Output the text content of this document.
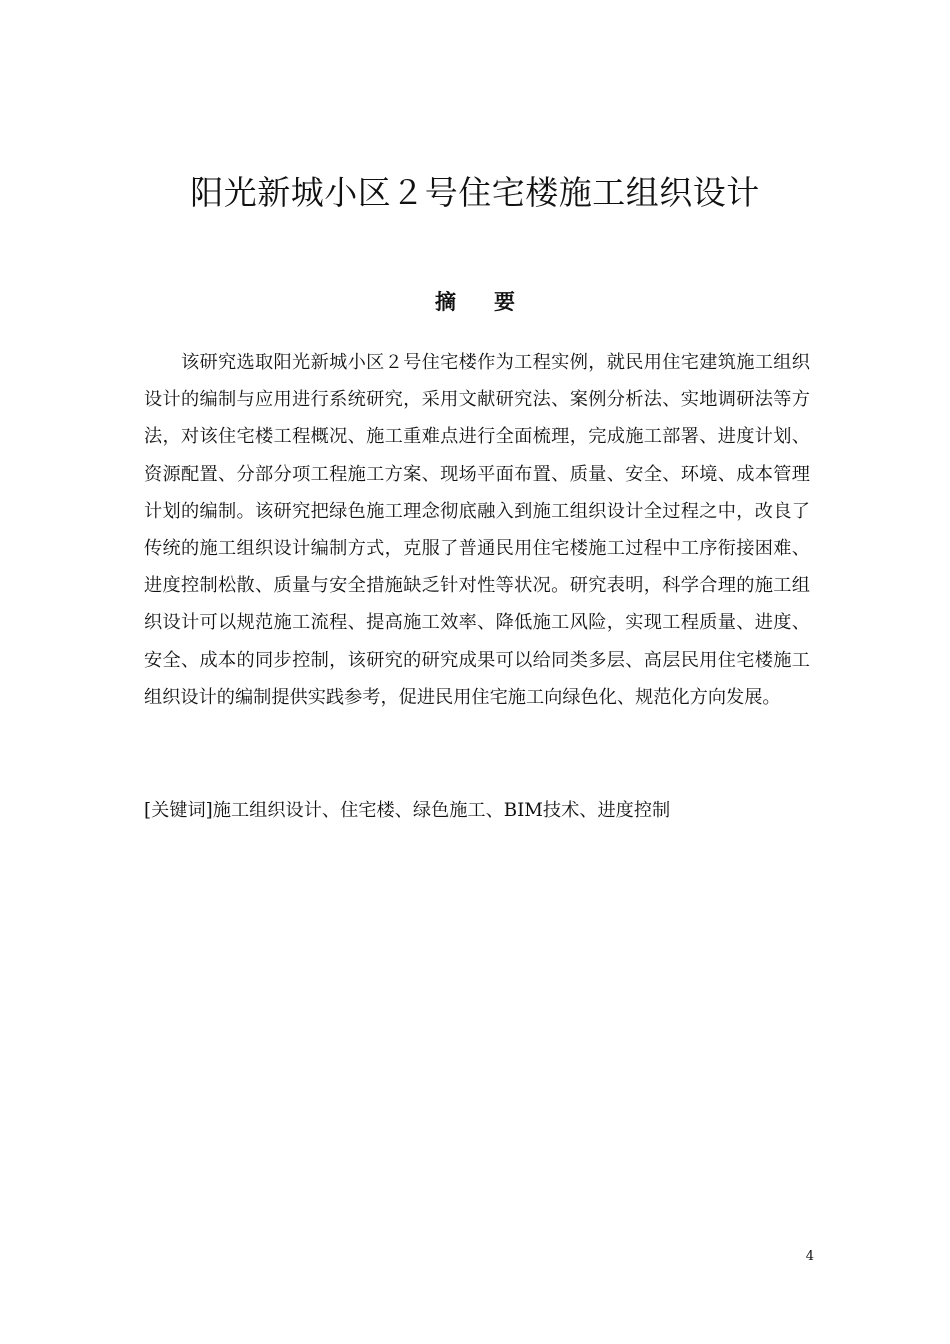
阳光新城小区２号住宅楼施工组织设计
摘要
该研究选取阳光新城小区２号住宅楼作为工程实例，就民用住宅建筑施工组织设计的编制与应用进行系统研究，采用文献研究法、案例分析法、实地调研法等方法，对该住宅楼工程概况、施工重难点进行全面梳理，完成施工部署、进度计划、资源配置、分部分项工程施工方案、现场平面布置、质量、安全、环境、成本管理计划的编制。该研究把绿色施工理念彻底融入到施工组织设计全过程之中，改良了传统的施工组织设计编制方式，克服了普通民用住宅楼施工过程中工序衔接困难、进度控制松散、质量与安全措施缺乏针对性等状况。研究表明，科学合理的施工组织设计可以规范施工流程、提高施工效率、降低施工风险，实现工程质量、进度、安全、成本的同步控制，该研究的研究成果可以给同类多层、高层民用住宅楼施工组织设计的编制提供实践参考，促进民用住宅施工向绿色化、规范化方向发展。
[关键词]施工组织设计、住宅楼、绿色施工、BIM技术、进度控制
4
